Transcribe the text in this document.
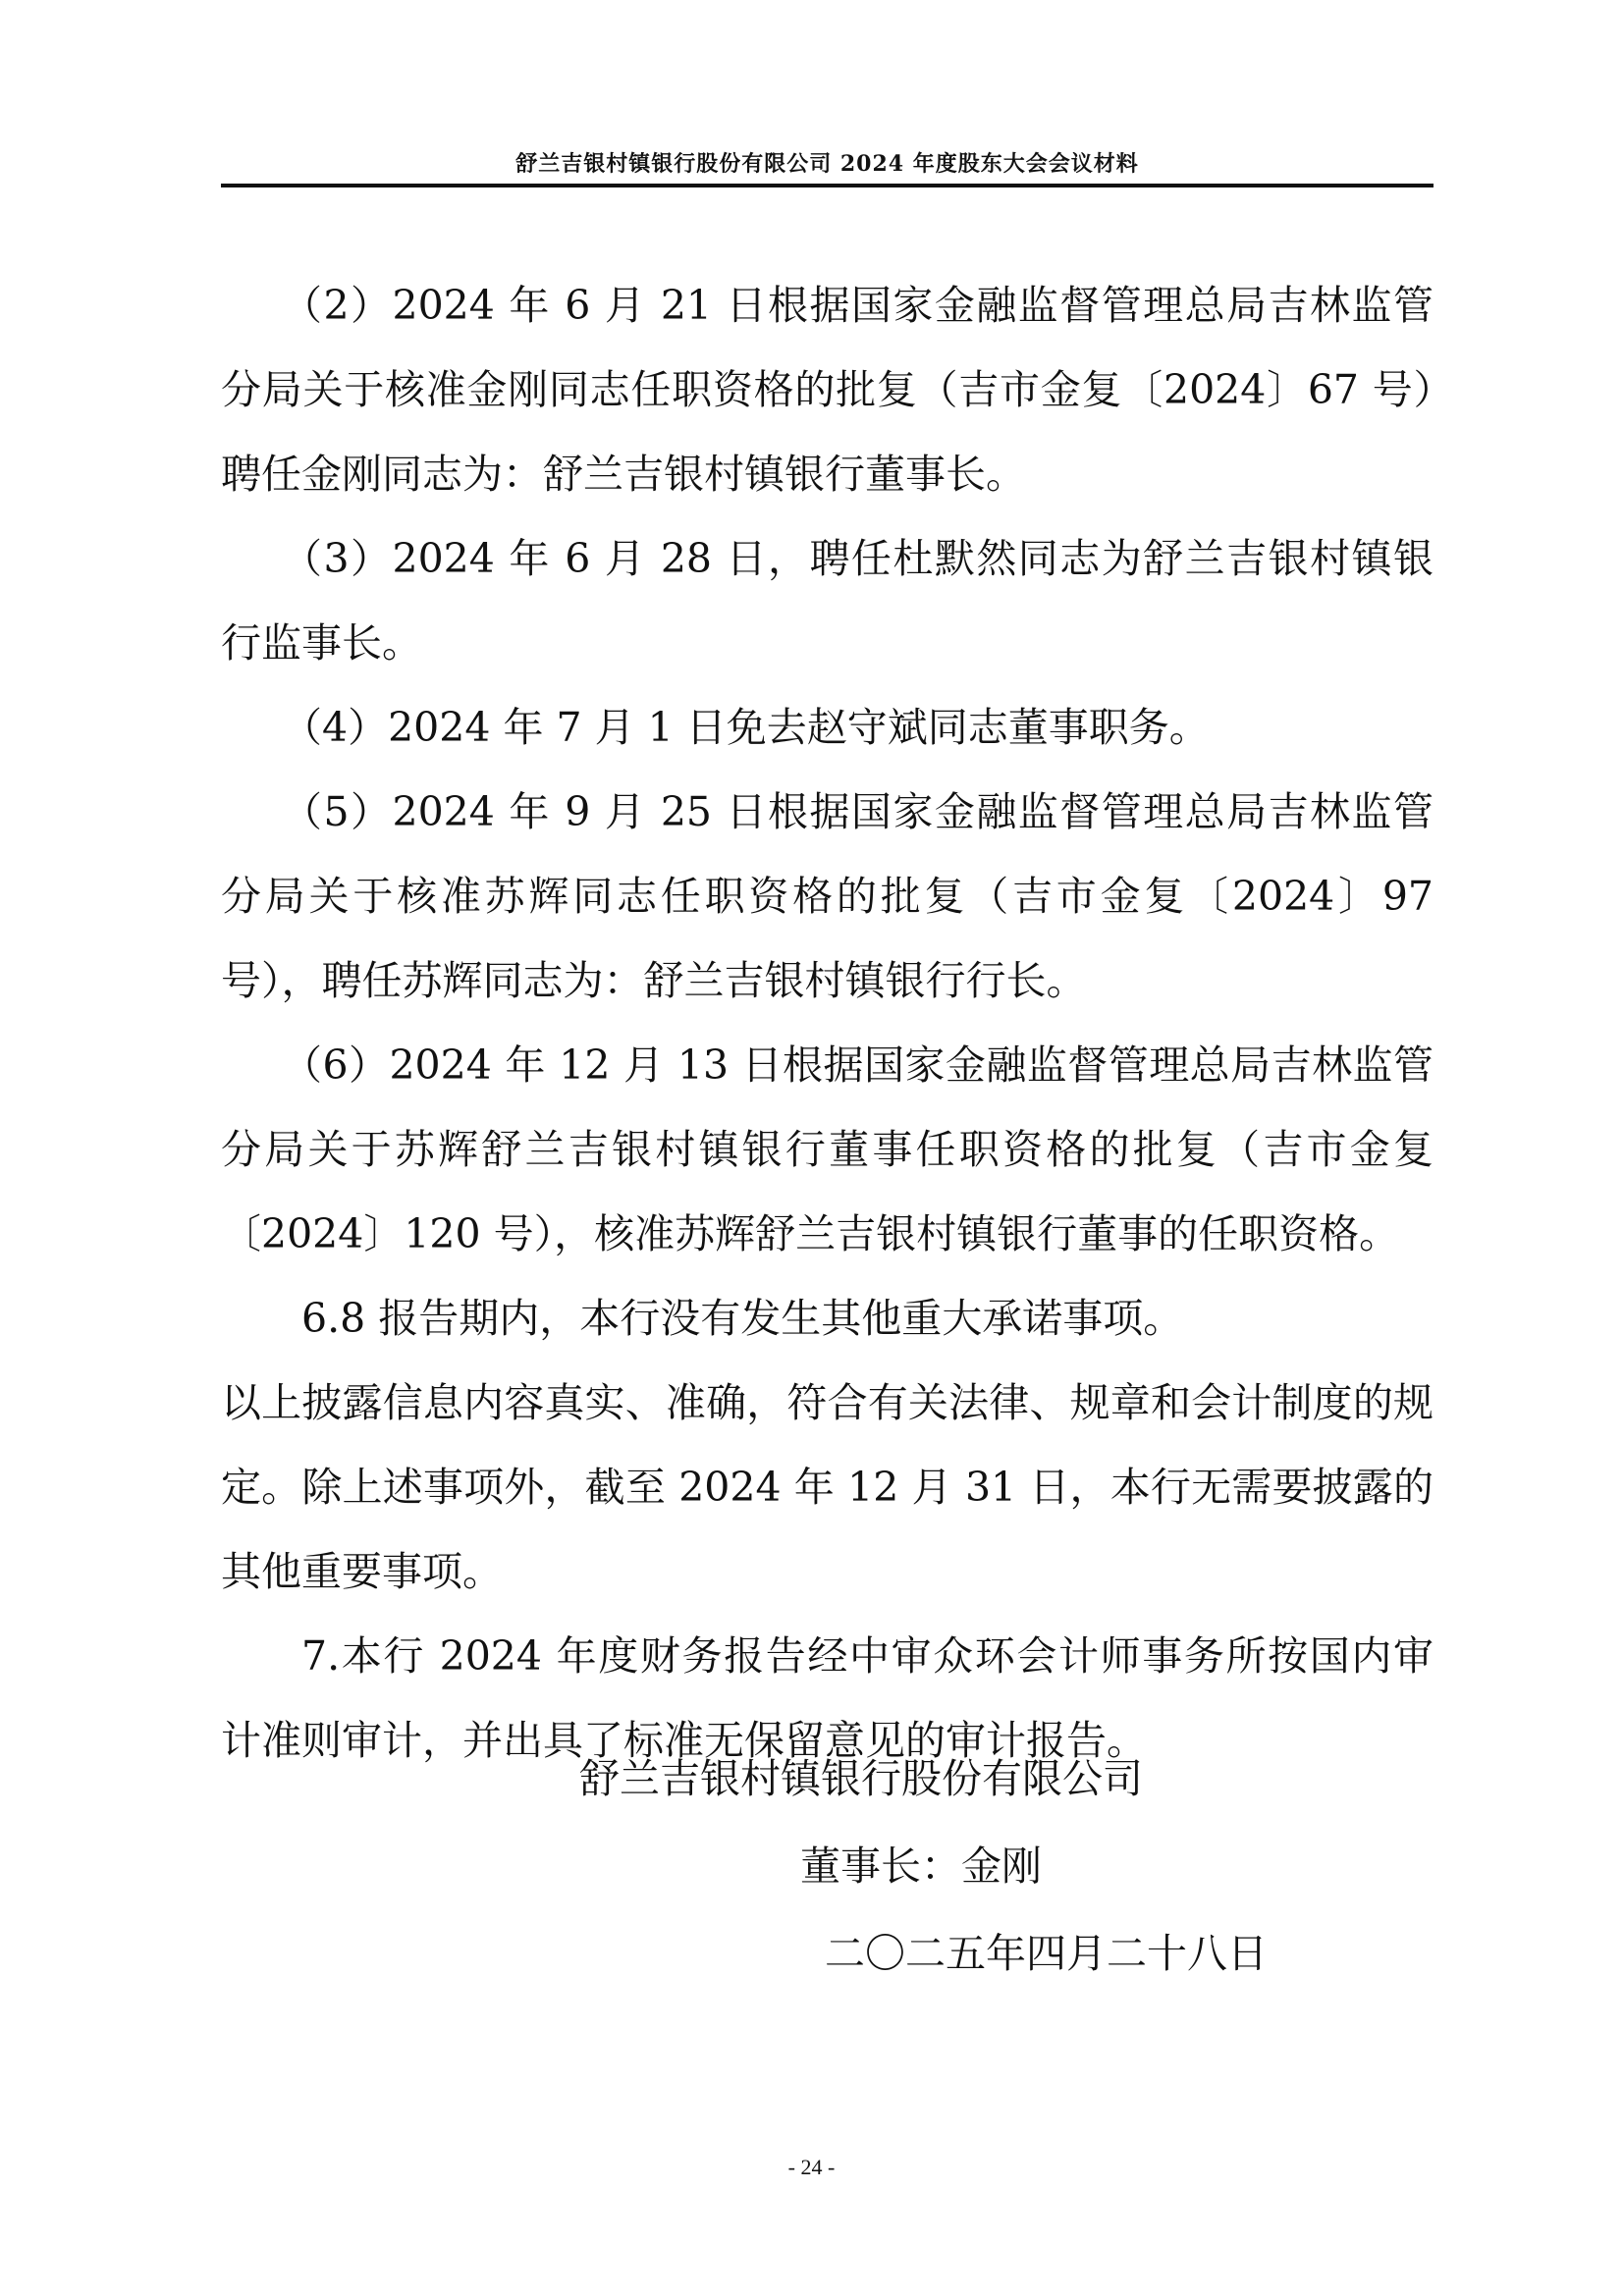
舒兰吉银村镇银行股份有限公司 2024 年度股东大会会议材料

（2）2024 年 6 月 21 日根据国家金融监督管理总局吉林监管分局关于核准金刚同志任职资格的批复（吉市金复〔2024〕67 号）聘任金刚同志为：舒兰吉银村镇银行董事长。

（3）2024 年 6 月 28 日，聘任杜默然同志为舒兰吉银村镇银行监事长。

（4）2024 年 7 月 1 日免去赵守斌同志董事职务。

（5）2024 年 9 月 25 日根据国家金融监督管理总局吉林监管分局关于核准苏辉同志任职资格的批复（吉市金复〔2024〕97 号），聘任苏辉同志为：舒兰吉银村镇银行行长。

（6）2024 年 12 月 13 日根据国家金融监督管理总局吉林监管分局关于苏辉舒兰吉银村镇银行董事任职资格的批复（吉市金复〔2024〕120 号），核准苏辉舒兰吉银村镇银行董事的任职资格。

6.8 报告期内，本行没有发生其他重大承诺事项。

以上披露信息内容真实、准确，符合有关法律、规章和会计制度的规定。除上述事项外，截至 2024 年 12 月 31 日，本行无需要披露的其他重要事项。

7.本行 2024 年度财务报告经中审众环会计师事务所按国内审计准则审计，并出具了标准无保留意见的审计报告。

舒兰吉银村镇银行股份有限公司
董事长：金刚
二〇二五年四月二十八日
- 24 -
